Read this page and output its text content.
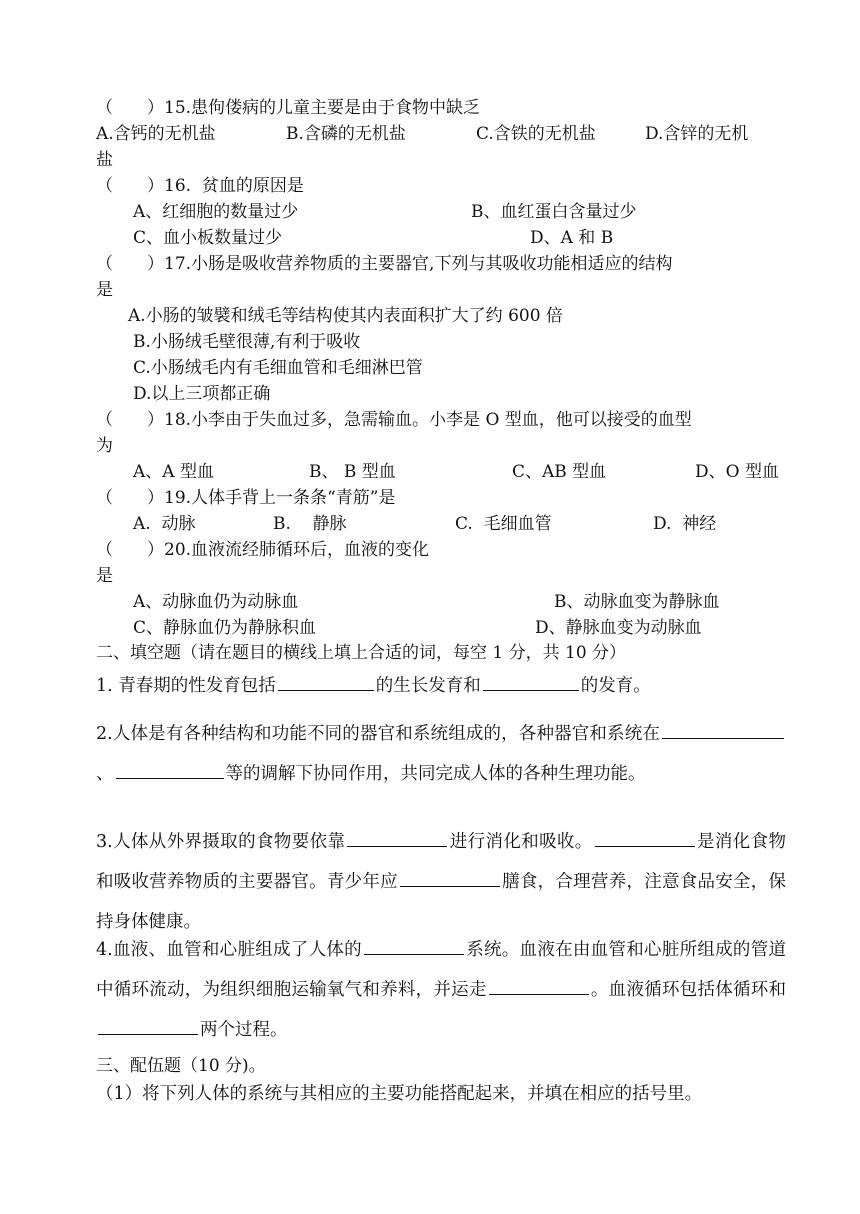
（　　）15.患佝偻病的儿童主要是由于食物中缺乏
A.含钙的无机盐	B.含磷的无机盐	C.含铁的无机盐	D.含锌的无机
盐
（　　）16.  贫血的原因是
A、红细胞的数量过少	B、血红蛋白含量过少
C、血小板数量过少	D、A 和 B
（　　）17.小肠是吸收营养物质的主要器官,下列与其吸收功能相适应的结构
是
A.小肠的皱襞和绒毛等结构使其内表面积扩大了约 600 倍
B.小肠绒毛壁很薄,有利于吸收
C.小肠绒毛内有毛细血管和毛细淋巴管
D.以上三项都正确
（　　）18.小李由于失血过多，急需输血。小李是 O 型血，他可以接受的血型
为
A、A 型血	B、 B 型血	C、AB 型血	D、O 型血
（　　）19.人体手背上一条条“青筋”是
A.  动脉	B.    静脉	C.  毛细血管	D.  神经
（　　）20.血液流经肺循环后，血液的变化
是
A、动脉血仍为动脉血	B、动脉血变为静脉血
C、静脉血仍为静脉积血	D、静脉血变为动脉血
二、填空题（请在题目的横线上填上合适的词，每空 1 分，共 10 分）
1. 青春期的性发育包括	的生长发育和	的发育。
2.人体是有各种结构和功能不同的器官和系统组成的，各种器官和系统在、	等的调解下协同作用，共同完成人体的各种生理功能。
3.人体从外界摄取的食物要依靠	进行消化和吸收。	是消化食物和吸收营养物质的主要器官。青少年应	膳食，合理营养，注意食品安全，保持身体健康。
4.血液、血管和心脏组成了人体的	系统。血液在由血管和心脏所组成的管道中循环流动，为组织细胞运输氧气和养料，并运走	。血液循环包括体循环和两个过程。
三、配伍题（10 分)。
（1）将下列人体的系统与其相应的主要功能搭配起来，并填在相应的括号里。
